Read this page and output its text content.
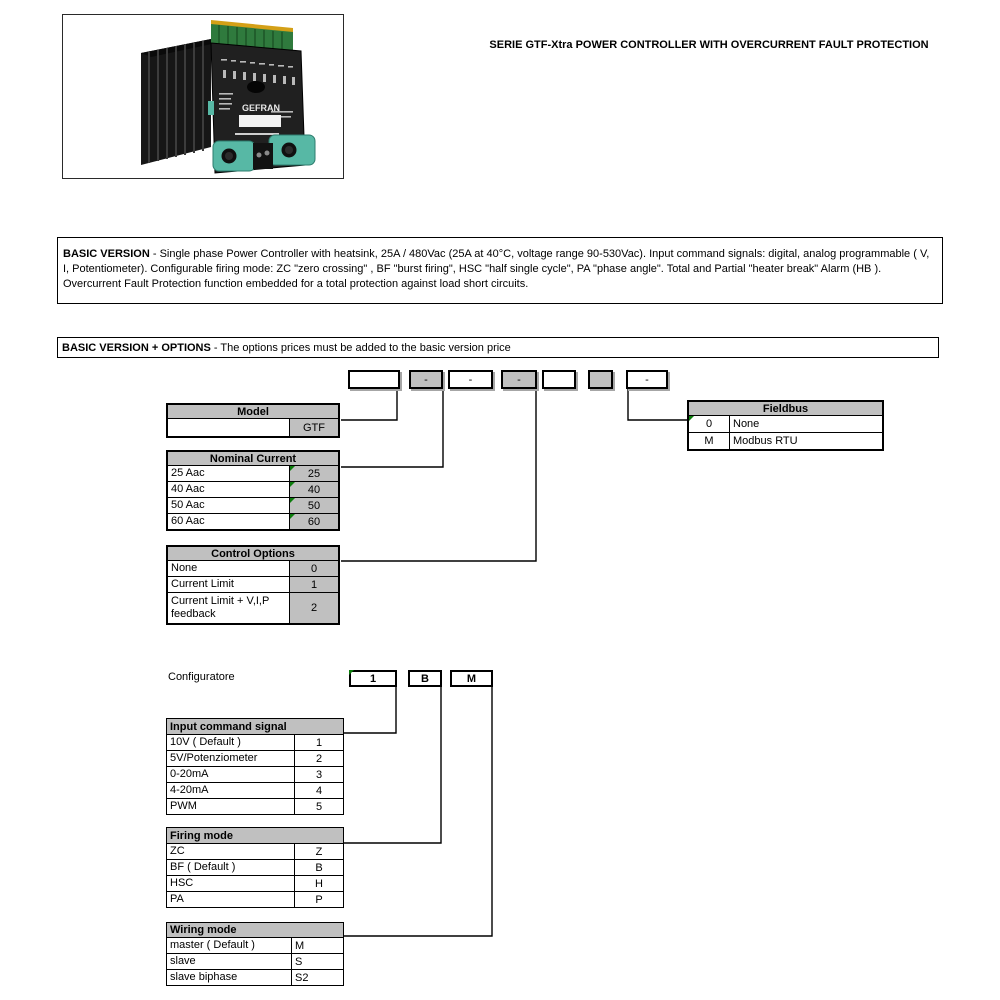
GEFRAN
SERIE GTF-Xtra POWER CONTROLLER WITH OVERCURRENT FAULT PROTECTION
BASIC VERSION - Single phase Power Controller with heatsink, 25A / 480Vac (25A at 40°C, voltage range 90-530Vac). Input command signals: digital, analog programmable ( V, I, Potentiometer). Configurable firing mode: ZC "zero crossing" , BF "burst firing", HSC "half single cycle", PA "phase angle". Total and Partial "heater break" Alarm (HB ). Overcurrent Fault Protection function embedded for a total protection against load short circuits.
BASIC VERSION + OPTIONS - The options prices must be added to the basic version price
-	-	-	-
Model
GTF
Nominal Current
25 Aac	25
40 Aac	40
50 Aac	50
60 Aac	60
Control Options
None	0
Current Limit	1
Current Limit + V,I,P feedback	2
Fieldbus
0 None
M	Modbus RTU
Configuratore	1	B	M
Input command signal
10V ( Default )	1
5V/Potenziometer	2
0-20mA	3
4-20mA	4
PWM	5
Firing mode
ZC	Z
BF ( Default )	B
HSC	H
PA	P
Wiring mode
master ( Default )	M
slave	S
slave biphase	S2
